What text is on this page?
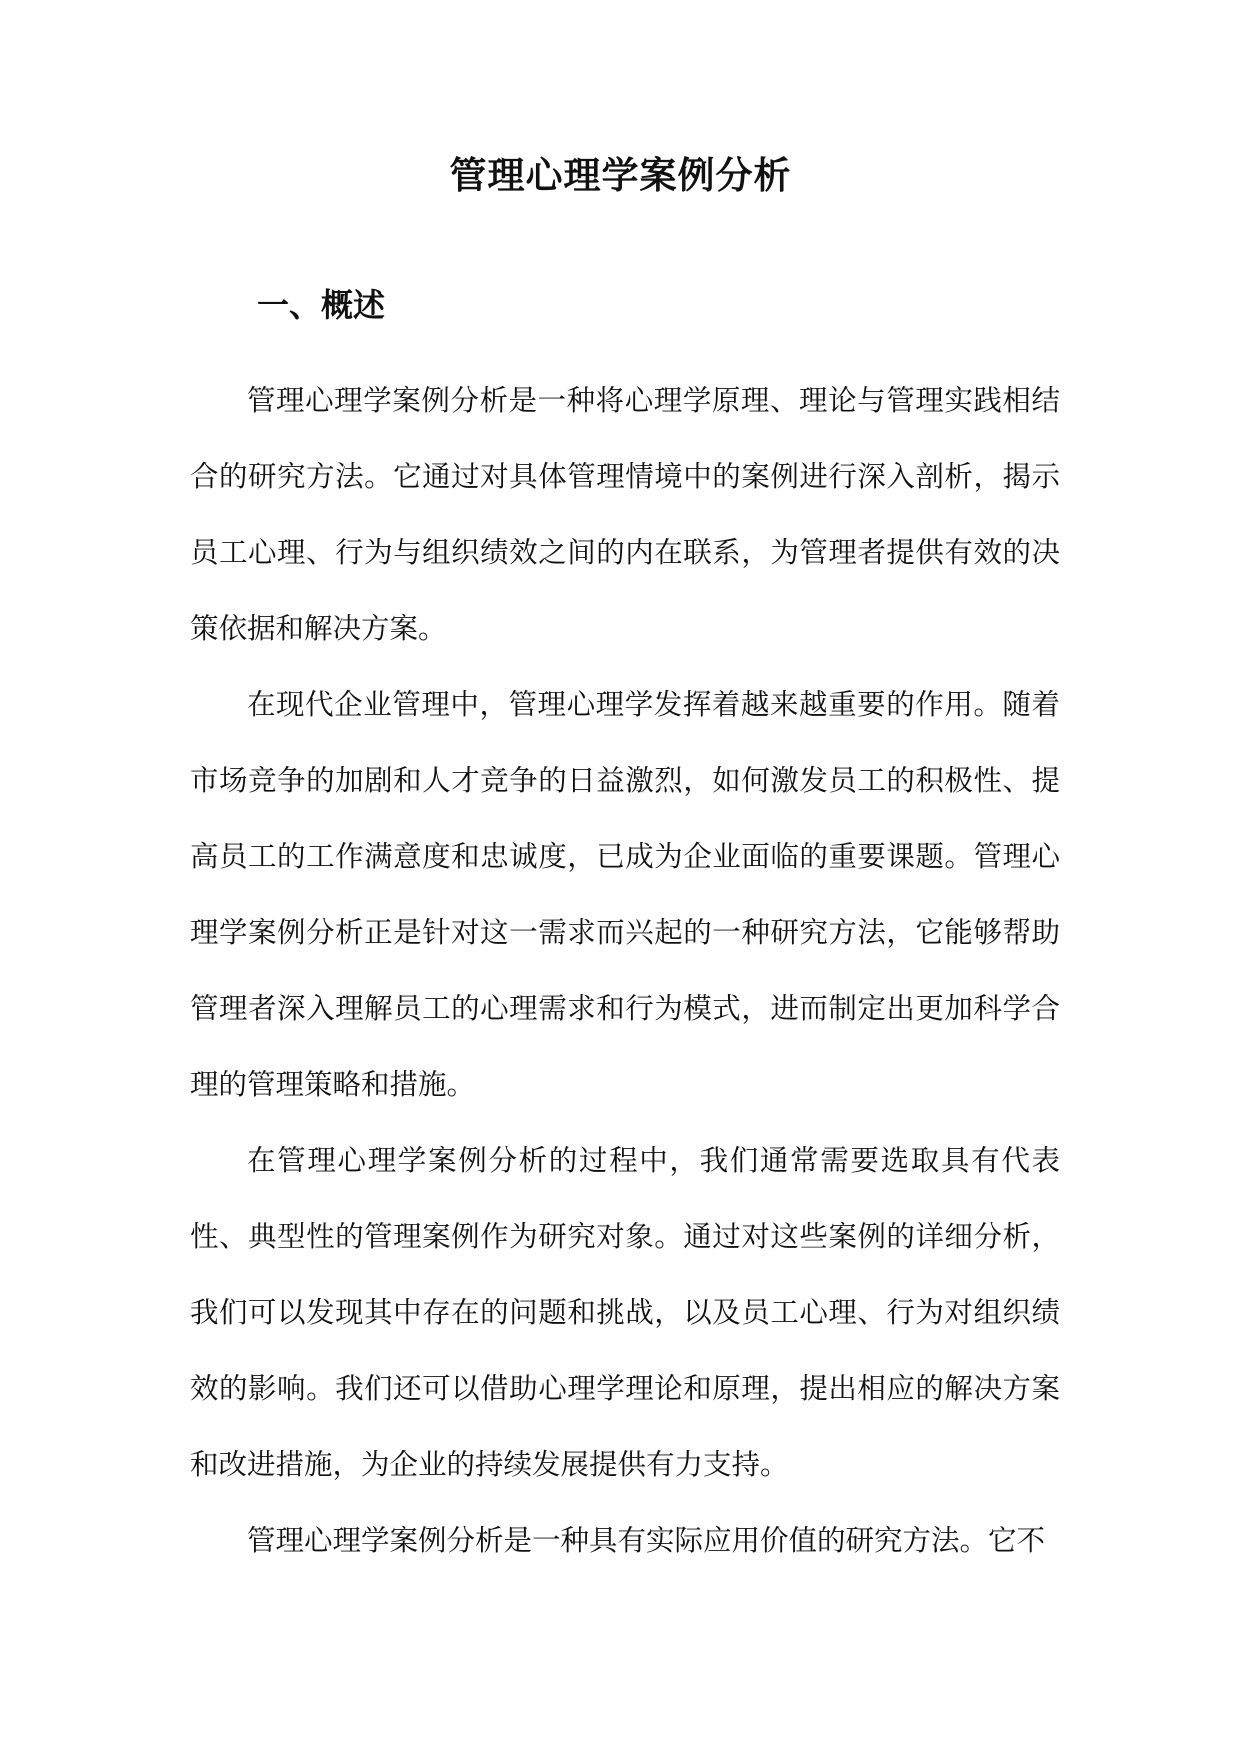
管理心理学案例分析
一、概述

管理心理学案例分析是一种将心理学原理、理论与管理实践相结合的研究方法。它通过对具体管理情境中的案例进行深入剖析，揭示员工心理、行为与组织绩效之间的内在联系，为管理者提供有效的决策依据和解决方案。

在现代企业管理中，管理心理学发挥着越来越重要的作用。随着市场竞争的加剧和人才竞争的日益激烈，如何激发员工的积极性、提高员工的工作满意度和忠诚度，已成为企业面临的重要课题。管理心理学案例分析正是针对这一需求而兴起的一种研究方法，它能够帮助管理者深入理解员工的心理需求和行为模式，进而制定出更加科学合理的管理策略和措施。

在管理心理学案例分析的过程中，我们通常需要选取具有代表性、典型性的管理案例作为研究对象。通过对这些案例的详细分析，我们可以发现其中存在的问题和挑战，以及员工心理、行为对组织绩效的影响。我们还可以借助心理学理论和原理，提出相应的解决方案和改进措施，为企业的持续发展提供有力支持。

管理心理学案例分析是一种具有实际应用价值的研究方法。它不
